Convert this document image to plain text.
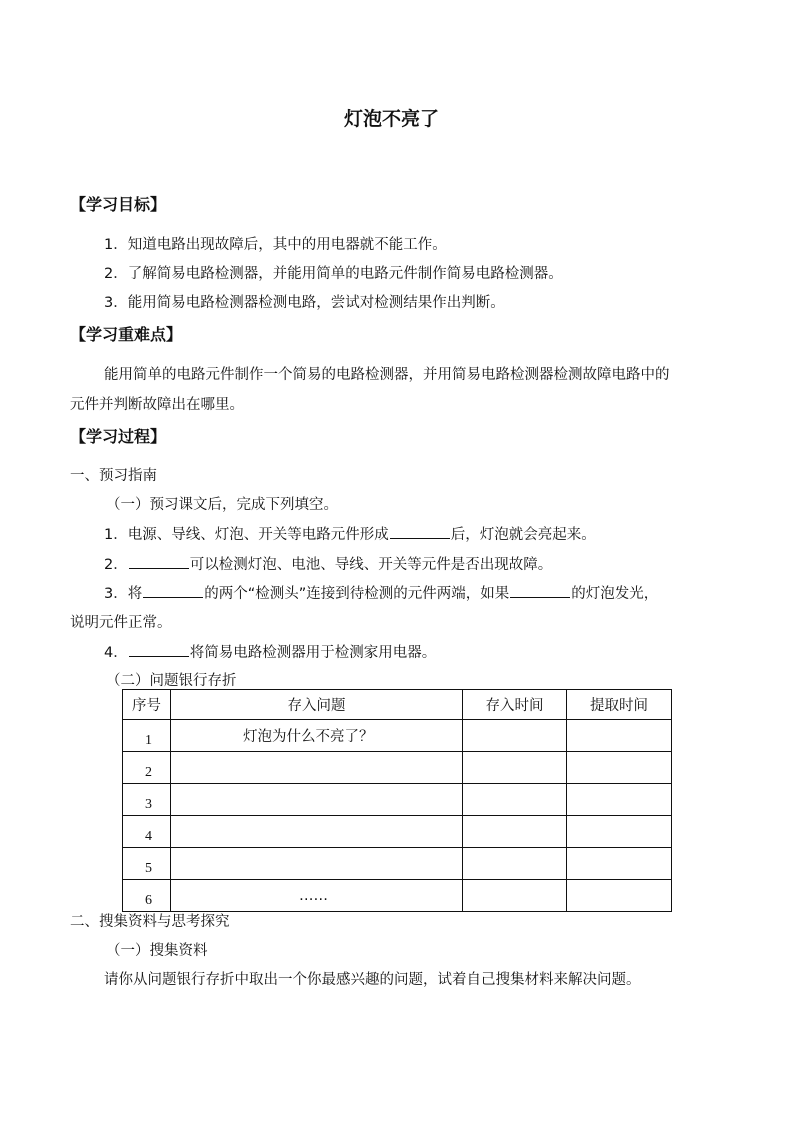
灯泡不亮了
【学习目标】
1．知道电路出现故障后，其中的用电器就不能工作。
2．了解简易电路检测器，并能用简单的电路元件制作简易电路检测器。
3．能用简易电路检测器检测电路，尝试对检测结果作出判断。
【学习重难点】
能用简单的电路元件制作一个简易的电路检测器，并用简易电路检测器检测故障电路中的
元件并判断故障出在哪里。
【学习过程】
一、预习指南
（一）预习课文后，完成下列填空。
1．电源、导线、灯泡、开关等电路元件形成	后，灯泡就会亮起来。
2．	可以检测灯泡、电池、导线、开关等元件是否出现故障。
3．将	的两个“检测头”连接到待检测的元件两端，如果	的灯泡发光，
说明元件正常。
4．	将简易电路检测器用于检测家用电器。
（二）问题银行存折
序号	存入问题	存入时间	提取时间
1	灯泡为什么不亮了？		
2			
3			
4			
5			
6	……		
二、搜集资料与思考探究
（一）搜集资料
请你从问题银行存折中取出一个你最感兴趣的问题，试着自己搜集材料来解决问题。
